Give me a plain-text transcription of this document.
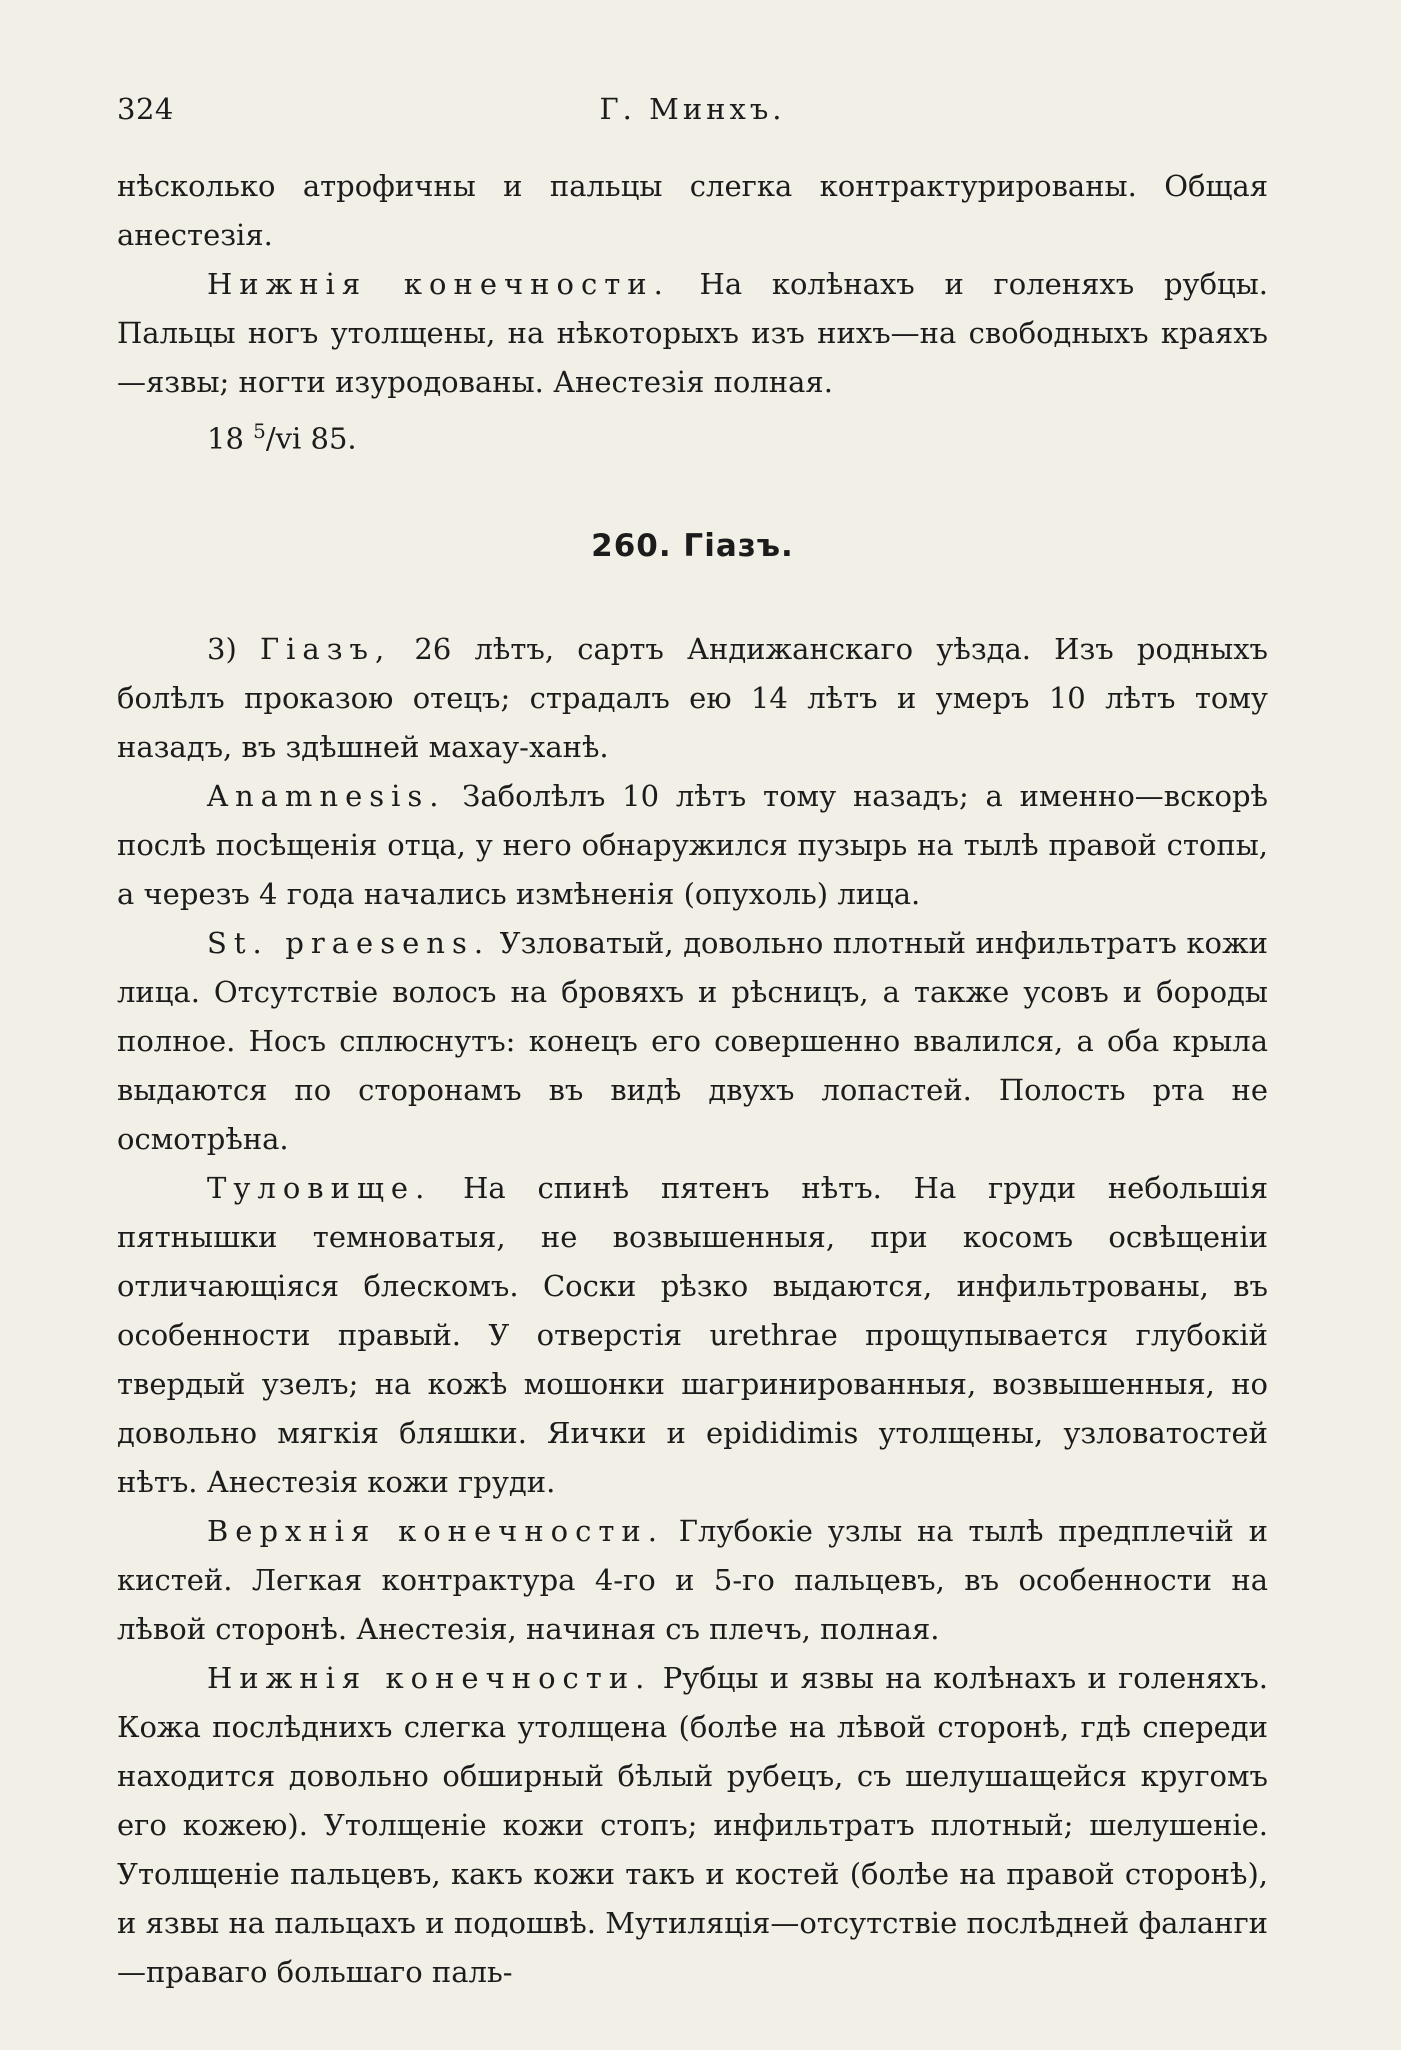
324	Г. Минхъ.

нѣсколько атрофичны и пальцы слегка контрактурированы. Общая анестезія.

Нижнія конечности. На колѣнахъ и голеняхъ рубцы. Пальцы ногъ утолщены, на нѣкоторыхъ изъ нихъ—на свободныхъ краяхъ—язвы; ногти изуродованы. Анестезія полная.

18 $^5$/vi 85.

260. Гіазъ.

3) Гіазъ, 26 лѣтъ, сартъ Андижанскаго уѣзда. Изъ родныхъ болѣлъ проказою отецъ; страдалъ ею 14 лѣтъ и умеръ 10 лѣтъ тому назадъ, въ здѣшней махау-ханѣ.

Anamnesis. Заболѣлъ 10 лѣтъ тому назадъ; а именно—вскорѣ послѣ посѣщенія отца, у него обнаружился пузырь на тылѣ правой стопы, а черезъ 4 года начались измѣненія (опухоль) лица.

St. praesens. Узловатый, довольно плотный инфильтратъ кожи лица. Отсутствіе волосъ на бровяхъ и рѣсницъ, а также усовъ и бороды полное. Носъ сплюснутъ: конецъ его совершенно ввалился, а оба крыла выдаются по сторонамъ въ видѣ двухъ лопастей. Полость рта не осмотрѣна.

Туловище. На спинѣ пятенъ нѣтъ. На груди небольшія пятнышки темноватыя, не возвышенныя, при косомъ освѣщеніи отличающіяся блескомъ. Соски рѣзко выдаются, инфильтрованы, въ особенности правый. У отверстія urethrae прощупывается глубокій твердый узелъ; на кожѣ мошонки шагринированныя, возвышенныя, но довольно мягкія бляшки. Яички и epididimis утолщены, узловатостей нѣтъ. Анестезія кожи груди.

Верхнія конечности. Глубокіе узлы на тылѣ предплечій и кистей. Легкая контрактура 4-го и 5-го пальцевъ, въ особенности на лѣвой сторонѣ. Анестезія, начиная съ плечъ, полная.

Нижнія конечности. Рубцы и язвы на колѣнахъ и голеняхъ. Кожа послѣднихъ слегка утолщена (болѣе на лѣвой сторонѣ, гдѣ спереди находится довольно обширный бѣлый рубецъ, съ шелушащейся кругомъ его кожею). Утолщеніе кожи стопъ; инфильтратъ плотный; шелушеніе. Утолщеніе пальцевъ, какъ кожи такъ и костей (болѣе на правой сторонѣ), и язвы на пальцахъ и подошвѣ. Мутиляція—отсутствіе послѣдней фаланги—праваго большаго паль-
